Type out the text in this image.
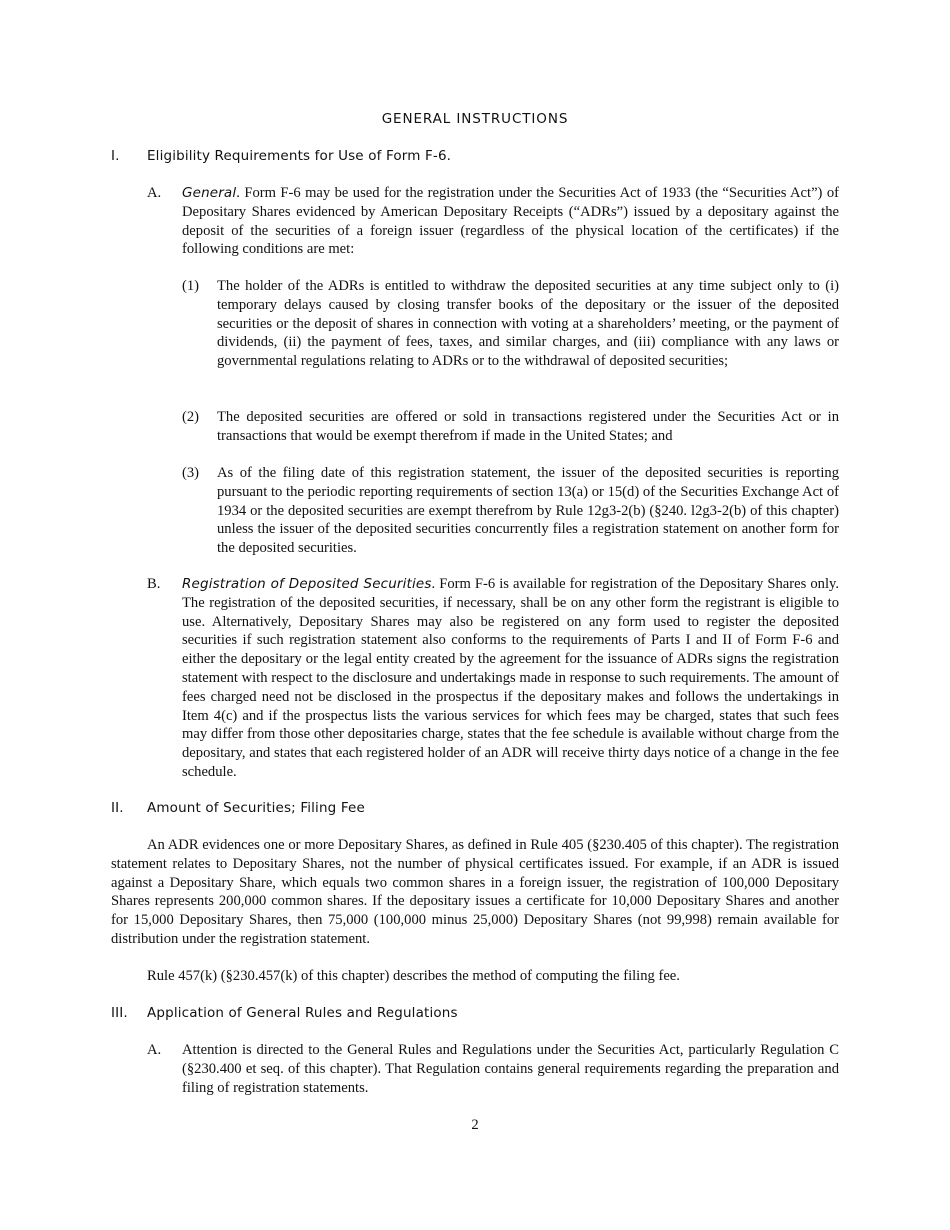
GENERAL INSTRUCTIONS
I. Eligibility Requirements for Use of Form F-6.
A. General. Form F-6 may be used for the registration under the Securities Act of 1933 (the “Securities Act”) of Depositary Shares evidenced by American Depositary Receipts (“ADRs”) issued by a depositary against the deposit of the securities of a foreign issuer (regardless of the physical location of the certificates) if the following conditions are met:
(1) The holder of the ADRs is entitled to withdraw the deposited securities at any time subject only to (i) temporary delays caused by closing transfer books of the depositary or the issuer of the deposited securities or the deposit of shares in connection with voting at a shareholders’ meeting, or the payment of dividends, (ii) the payment of fees, taxes, and similar charges, and (iii) compliance with any laws or governmental regulations relating to ADRs or to the withdrawal of deposited securities;
(2) The deposited securities are offered or sold in transactions registered under the Securities Act or in transactions that would be exempt therefrom if made in the United States; and
(3) As of the filing date of this registration statement, the issuer of the deposited securities is reporting pursuant to the periodic reporting requirements of section 13(a) or 15(d) of the Securities Exchange Act of 1934 or the deposited securities are exempt therefrom by Rule 12g3-2(b) (§240. l2g3-2(b) of this chapter) unless the issuer of the deposited securities concurrently files a registration statement on another form for the deposited securities.
B. Registration of Deposited Securities. Form F-6 is available for registration of the Depositary Shares only. The registration of the deposited securities, if necessary, shall be on any other form the registrant is eligible to use. Alternatively, Depositary Shares may also be registered on any form used to register the deposited securities if such registration statement also conforms to the requirements of Parts I and II of Form F-6 and either the depositary or the legal entity created by the agreement for the issuance of ADRs signs the registration statement with respect to the disclosure and undertakings made in response to such requirements. The amount of fees charged need not be disclosed in the prospectus if the depositary makes and follows the undertakings in Item 4(c) and if the prospectus lists the various services for which fees may be charged, states that such fees may differ from those other depositaries charge, states that the fee schedule is available without charge from the depositary, and states that each registered holder of an ADR will receive thirty days notice of a change in the fee schedule.
II. Amount of Securities; Filing Fee
An ADR evidences one or more Depositary Shares, as defined in Rule 405 (§230.405 of this chapter). The registration statement relates to Depositary Shares, not the number of physical certificates issued. For example, if an ADR is issued against a Depositary Share, which equals two common shares in a foreign issuer, the registration of 100,000 Depositary Shares represents 200,000 common shares. If the depositary issues a certificate for 10,000 Depositary Shares and another for 15,000 Depositary Shares, then 75,000 (100,000 minus 25,000) Depositary Shares (not 99,998) remain available for distribution under the registration statement.
Rule 457(k) (§230.457(k) of this chapter) describes the method of computing the filing fee.
III. Application of General Rules and Regulations
A. Attention is directed to the General Rules and Regulations under the Securities Act, particularly Regulation C (§230.400 et seq. of this chapter). That Regulation contains general requirements regarding the preparation and filing of registration statements.
2
